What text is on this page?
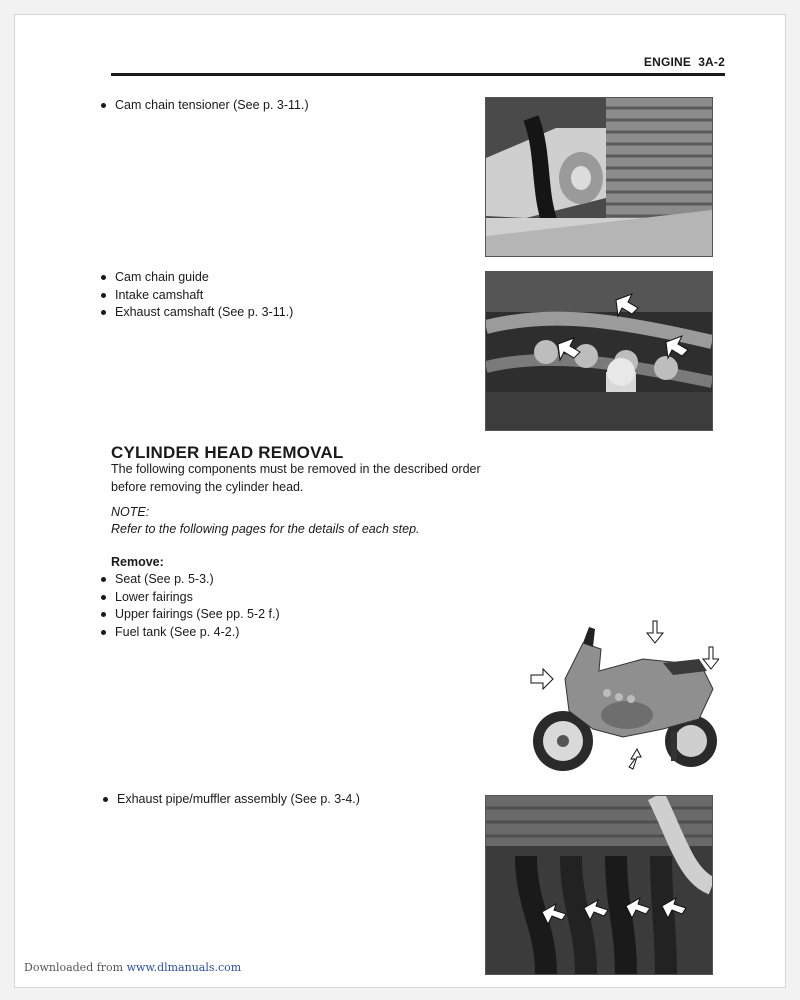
ENGINE 3A-2
Cam chain tensioner (See p. 3-11.)
Cam chain guide
Intake camshaft
Exhaust camshaft (See p. 3-11.)
CYLINDER HEAD REMOVAL
The following components must be removed in the described order before removing the cylinder head.
NOTE:
Refer to the following pages for the details of each step.
Remove:
Seat (See p. 5-3.)
Lower fairings
Upper fairings (See pp. 5-2 f.)
Fuel tank (See p. 4-2.)
Exhaust pipe/muffler assembly (See p. 3-4.)
Downloaded from www.dlmanuals.com
